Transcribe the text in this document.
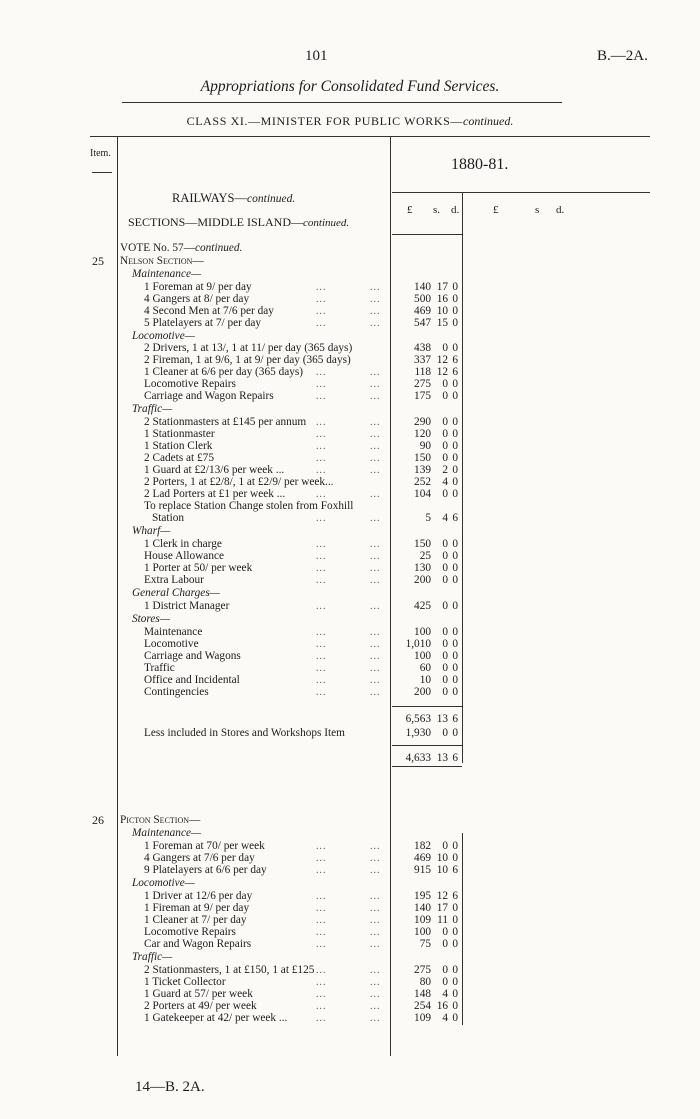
101	B.—2A.
Appropriations for Consolidated Fund Services.
CLASS XI.—MINISTER FOR PUBLIC WORKS—continued.
Item.
1880-81.
RAILWAYS—continued.
SECTIONS—MIDDLE ISLAND—continued.
£ s. d.	£	s d.
VOTE No. 57— continued.
25 Nelson Section—
Maintenance—
1 Foreman at 9/ per day	...	...	140 17 0
4 Gangers at 8/ per day	...	...	500 16 0
4 Second Men at 7/6 per day	...	...	469 10 0
5 Platelayers at 7/ per day	...	...	547 15 0
Locomotive—
2 Drivers, 1 at 13/, 1 at 11/ per day (365 days)	438 0 0
2 Fireman, 1 at 9/6, 1 at 9/ per day (365 days)	337 12 6
1 Cleaner at 6/6 per day (365 days) ...	...	118 12 6
Locomotive Repairs	...	...	275 0 0
Carriage and Wagon Repairs	...	...	175 0 0
Traffic—
2 Stationmasters at £145 per annum ...	...	290 0 0
1 Stationmaster	...	...	120 0 0
1 Station Clerk	...	...	90 0 0
2 Cadets at £75	...	...	150 0 0
1 Guard at £2/13/6 per week ...	...	...	139 2 0
2 Porters, 1 at £2/8/, 1 at £2/9/ per week...	252 4 0
2 Lad Porters at £1 per week ...	...	...	104 0 0
To replace Station Change stolen from Foxhill
Station	...	...	5 4 6
Wharf—
1 Clerk in charge	...	...	150 0 0
House Allowance	...	...	25 0 0
1 Porter at 50/ per week	...	...	130 0 0
Extra Labour	...	...	200 0 0
General Charges—
1 District Manager	...	...	425 0 0
Stores—
Maintenance	...	...	100 0 0
Locomotive	...	... 1,010 0 0
Carriage and Wagons	...	...	100 0 0
Traffic	...	...	60 0 0
Office and Incidental	...	...	10 0 0
Contingencies	...	...	200 0 0
6,563 13 6
Less included in Stores and Workshops Item	1,930 0 0
4,633 13 6
26 Picton Section—
Maintenance—
1 Foreman at 70/ per week	...	...	182 0 0
4 Gangers at 7/6 per day	...	...	469 10 0
9 Platelayers at 6/6 per day	...	...	915 10 6
Locomotive—
1 Driver at 12/6 per day	...	...	195 12 6
1 Fireman at 9/ per day	...	...	140 17 0
1 Cleaner at 7/ per day	...	...	109 11 0
Locomotive Repairs	...	...	100 0 0
Car and Wagon Repairs	...	...	75 0 0
Traffic—
2 Stationmasters, 1 at £150, 1 at £125 ...	...	275 0 0
1 Ticket Collector	...	...	80 0 0
1 Guard at 57/ per week	...	...	148 4 0
2 Porters at 49/ per week	...	...	254 16 0
1 Gatekeeper at 42/ per week ...	...	...	109 4 0
14—B. 2A.
